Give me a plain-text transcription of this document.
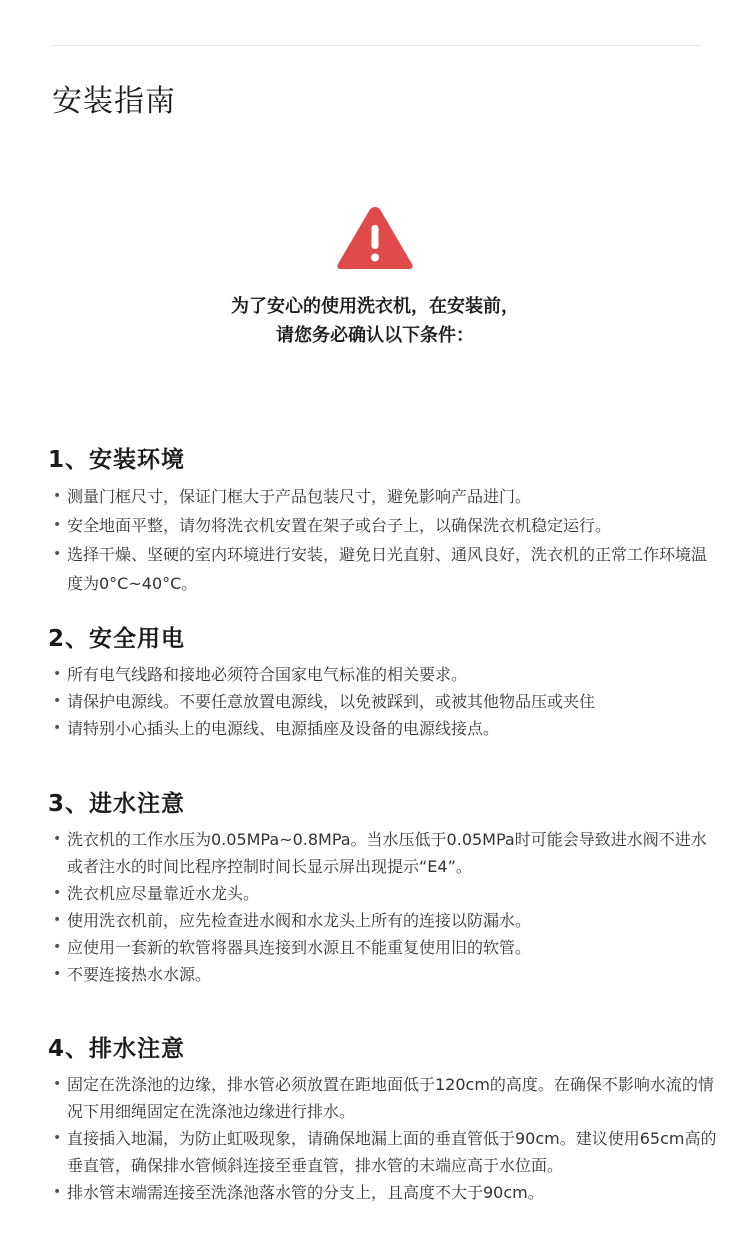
安装指南
为了安心的使用洗衣机，在安装前，
请您务必确认以下条件：
1、安装环境
• 测量门框尺寸，保证门框大于产品包装尺寸，避免影响产品进门。
• 安全地面平整，请勿将洗衣机安置在架子或台子上，以确保洗衣机稳定运行。
• 选择干燥、坚硬的室内环境进行安装，避免日光直射、通风良好，洗衣机的正常工作环境温度为0°C~40°C。
2、安全用电
• 所有电气线路和接地必须符合国家电气标准的相关要求。
• 请保护电源线。不要任意放置电源线，以免被踩到，或被其他物品压或夹住
• 请特别小心插头上的电源线、电源插座及设备的电源线接点。
3、进水注意
• 洗衣机的工作水压为0.05MPa~0.8MPa。当水压低于0.05MPa时可能会导致进水阀不进水或者注水的时间比程序控制时间长显示屏出现提示“E4”。
• 洗衣机应尽量靠近水龙头。
• 使用洗衣机前，应先检查进水阀和水龙头上所有的连接以防漏水。
• 应使用一套新的软管将器具连接到水源且不能重复使用旧的软管。
• 不要连接热水水源。
4、排水注意
• 固定在洗涤池的边缘，排水管必须放置在距地面低于120cm的高度。在确保不影响水流的情况下用细绳固定在洗涤池边缘进行排水。
• 直接插入地漏，为防止虹吸现象，请确保地漏上面的垂直管低于90cm。建议使用65cm高的垂直管，确保排水管倾斜连接至垂直管，排水管的末端应高于水位面。
• 排水管末端需连接至洗涤池落水管的分支上，且高度不大于90cm。
